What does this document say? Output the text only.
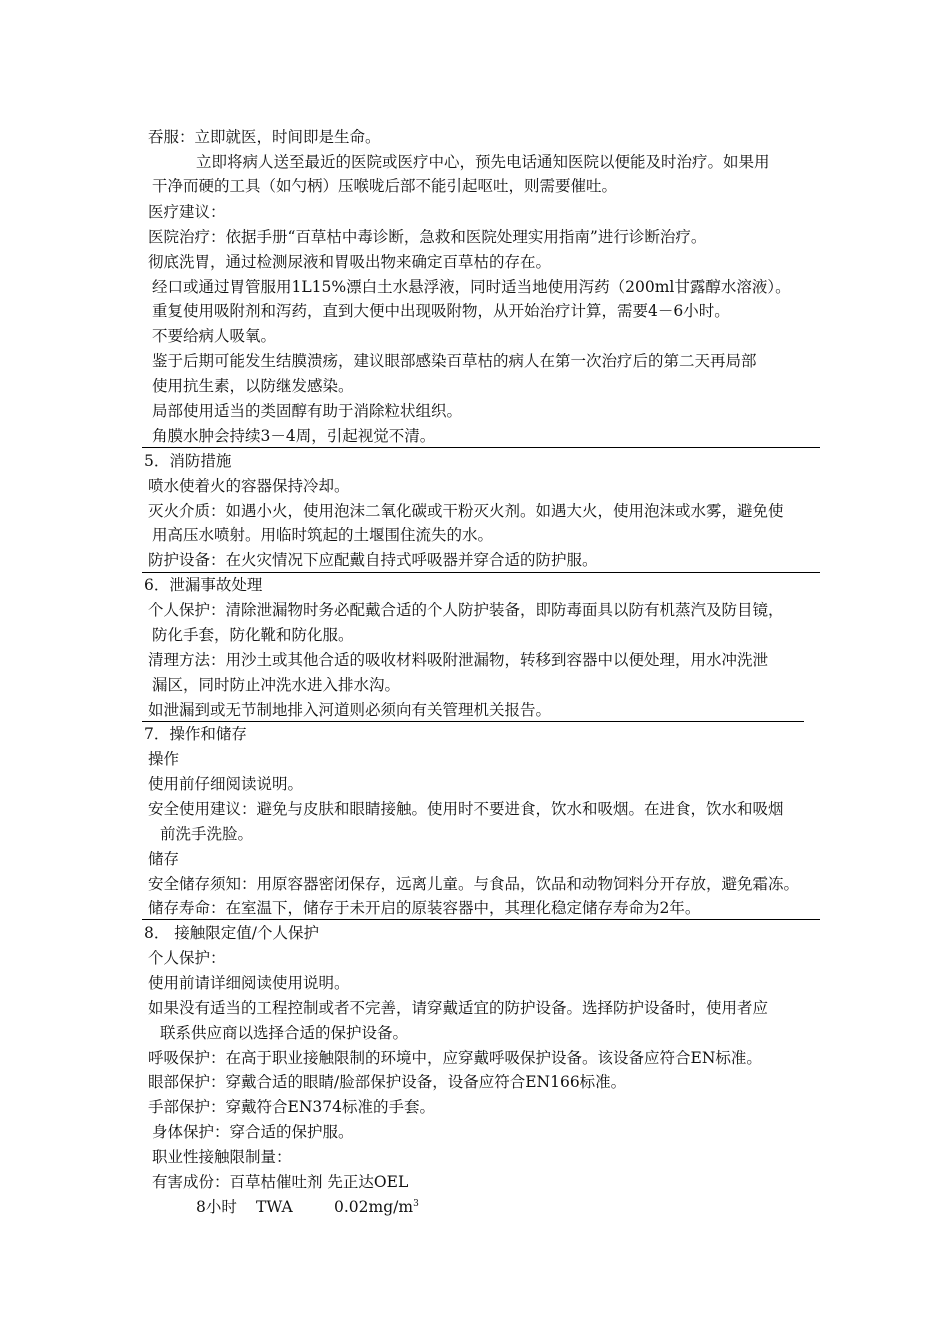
吞服：立即就医，时间即是生命。
立即将病人送至最近的医院或医疗中心，预先电话通知医院以便能及时治疗。如果用
干净而硬的工具（如勺柄）压喉咙后部不能引起呕吐，则需要催吐。
医疗建议：
医院治疗：依据手册“百草枯中毒诊断，急救和医院处理实用指南”进行诊断治疗。
彻底洗胃，通过检测尿液和胃吸出物来确定百草枯的存在。
经口或通过胃管服用1L15%漂白土水悬浮液，同时适当地使用泻药（200ml甘露醇水溶液）。
重复使用吸附剂和泻药，直到大便中出现吸附物，从开始治疗计算，需要4－6小时。
不要给病人吸氧。
鉴于后期可能发生结膜溃疡，建议眼部感染百草枯的病人在第一次治疗后的第二天再局部
使用抗生素，以防继发感染。
局部使用适当的类固醇有助于消除粒状组织。
角膜水肿会持续3－4周，引起视觉不清。
5．消防措施
喷水使着火的容器保持冷却。
灭火介质：如遇小火，使用泡沫二氧化碳或干粉灭火剂。如遇大火，使用泡沫或水雾，避免使
用高压水喷射。用临时筑起的土堰围住流失的水。
防护设备：在火灾情况下应配戴自持式呼吸器并穿合适的防护服。
6．泄漏事故处理
个人保护：清除泄漏物时务必配戴合适的个人防护装备，即防毒面具以防有机蒸汽及防目镜，
防化手套，防化靴和防化服。
清理方法：用沙土或其他合适的吸收材料吸附泄漏物，转移到容器中以便处理，用水冲洗泄
漏区，同时防止冲洗水进入排水沟。
如泄漏到或无节制地排入河道则必须向有关管理机关报告。
7．操作和储存
操作
使用前仔细阅读说明。
安全使用建议：避免与皮肤和眼睛接触。使用时不要进食，饮水和吸烟。在进食，饮水和吸烟
前洗手洗脸。
储存
安全储存须知：用原容器密闭保存，远离儿童。与食品，饮品和动物饲料分开存放，避免霜冻。
储存寿命：在室温下，储存于未开启的原装容器中，其理化稳定储存寿命为2年。
8． 接触限定值/个人保护
个人保护：
使用前请详细阅读使用说明。
如果没有适当的工程控制或者不完善，请穿戴适宜的防护设备。选择防护设备时，使用者应
联系供应商以选择合适的保护设备。
呼吸保护：在高于职业接触限制的环境中，应穿戴呼吸保护设备。该设备应符合EN标准。
眼部保护：穿戴合适的眼睛/脸部保护设备，设备应符合EN166标准。
手部保护：穿戴符合EN374标准的手套。
身体保护：穿合适的保护服。
职业性接触限制量：
有害成份：百草枯催吐剂 先正达OEL
8小时 TWA	$0.02mg/m^3$
